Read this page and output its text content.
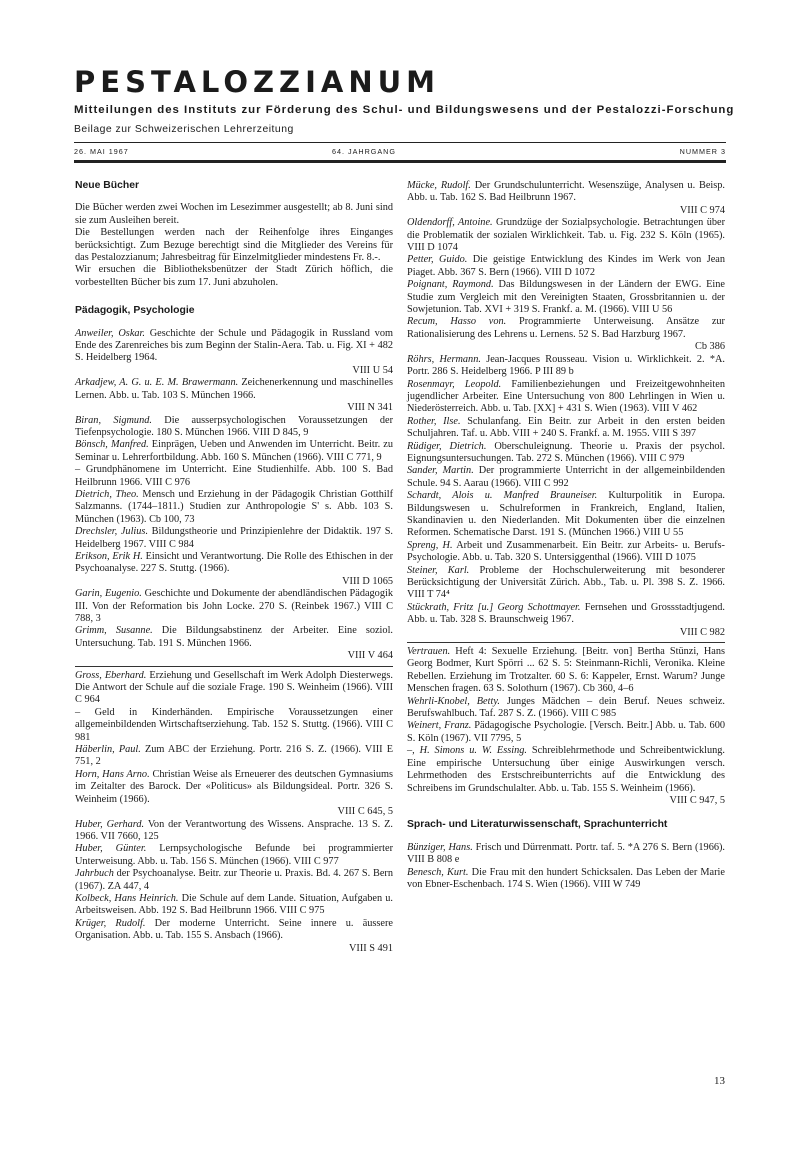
PESTALOZZIANUM
Mitteilungen des Instituts zur Förderung des Schul- und Bildungswesens und der Pestalozzi-Forschung
Beilage zur Schweizerischen Lehrerzeitung
26. MAI 1967	64. JAHRGANG	NUMMER 3
Neue Bücher

Die Bücher werden zwei Wochen im Lesezimmer ausgestellt; ab 8. Juni sind sie zum Ausleihen bereit.

Die Bestellungen werden nach der Reihenfolge ihres Einganges berücksichtigt. Zum Bezuge berechtigt sind die Mitglieder des Vereins für das Pestalozzianum; Jahresbeitrag für Einzelmitglieder mindestens Fr. 8.-.

Wir ersuchen die Bibliotheksbenützer der Stadt Zürich höflich, die vorbestellten Bücher bis zum 17. Juni abzuholen.

Pädagogik, Psychologie
Anweiler, Oskar. Geschichte der Schule und Pädagogik in Russland vom Ende des Zarenreiches bis zum Beginn der Stalin-Aera. Tab. u. Fig. XI + 482 S. Heidelberg 1964.
VIII U 54
Arkadjew, A. G. u. E. M. Brawermann. Zeichenerkennung und maschinelles Lernen. Abb. u. Tab. 103 S. München 1966.
VIII N 341
Biran, Sigmund. Die ausserpsychologischen Voraussetzungen der Tiefenpsychologie. 180 S. München 1966. VIII D 845, 9
Bönsch, Manfred. Einprägen, Ueben und Anwenden im Unterricht. Beitr. zu Seminar u. Lehrerfortbildung. Abb. 160 S. München (1966). VIII C 771, 9
– Grundphänomene im Unterricht. Eine Studienhilfe. Abb. 100 S. Bad Heilbrunn 1966. VIII C 976
Dietrich, Theo. Mensch und Erziehung in der Pädagogik Christian Gotthilf Salzmanns. (1744–1811.) Studien zur Anthropologie S' s. Abb. 103 S. München (1963). Cb 100, 73
Drechsler, Julius. Bildungstheorie und Prinzipienlehre der Didaktik. 197 S. Heidelberg 1967. VIII C 984
Erikson, Erik H. Einsicht und Verantwortung. Die Rolle des Ethischen in der Psychoanalyse. 227 S. Stuttg. (1966).
VIII D 1065
Garin, Eugenio. Geschichte und Dokumente der abendländischen Pädagogik III. Von der Reformation bis John Locke. 270 S. (Reinbek 1967.) VIII C 788, 3
Grimm, Susanne. Die Bildungsabstinenz der Arbeiter. Eine soziol. Untersuchung. Tab. 191 S. München 1966.
VIII V 464
Gross, Eberhard. Erziehung und Gesellschaft im Werk Adolph Diesterwegs. Die Antwort der Schule auf die soziale Frage. 190 S. Weinheim (1966). VIII C 964
– Geld in Kinderhänden. Empirische Voraussetzungen einer allgemeinbildenden Wirtschaftserziehung. Tab. 152 S. Stuttg. (1966). VIII C 981
Häberlin, Paul. Zum ABC der Erziehung. Portr. 216 S. Z. (1966). VIII E 751, 2
Horn, Hans Arno. Christian Weise als Erneuerer des deutschen Gymnasiums im Zeitalter des Barock. Der «Politicus» als Bildungsideal. Portr. 326 S. Weinheim (1966).
VIII C 645, 5
Huber, Gerhard. Von der Verantwortung des Wissens. Ansprache. 13 S. Z. 1966. VII 7660, 125
Huber, Günter. Lernpsychologische Befunde bei programmierter Unterweisung. Abb. u. Tab. 156 S. München (1966). VIII C 977
Jahrbuch der Psychoanalyse. Beitr. zur Theorie u. Praxis. Bd. 4. 267 S. Bern (1967). ZA 447, 4
Kolbeck, Hans Heinrich. Die Schule auf dem Lande. Situation, Aufgaben u. Arbeitsweisen. Abb. 192 S. Bad Heilbrunn 1966. VIII C 975
Krüger, Rudolf. Der moderne Unterricht. Seine innere u. äussere Organisation. Abb. u. Tab. 155 S. Ansbach (1966).
VIII S 491
Mücke, Rudolf. Der Grundschulunterricht. Wesenszüge, Analysen u. Beisp. Abb. u. Tab. 162 S. Bad Heilbrunn 1967.
VIII C 974
Oldendorff, Antoine. Grundzüge der Sozialpsychologie. Betrachtungen über die Problematik der sozialen Wirklichkeit. Tab. u. Fig. 232 S. Köln (1965). VIII D 1074
Petter, Guido. Die geistige Entwicklung des Kindes im Werk von Jean Piaget. Abb. 367 S. Bern (1966). VIII D 1072
Poignant, Raymond. Das Bildungswesen in der Ländern der EWG. Eine Studie zum Vergleich mit den Vereinigten Staaten, Grossbritannien u. der Sowjetunion. Tab. XVI + 319 S. Frankf. a. M. (1966). VIII U 56
Recum, Hasso von. Programmierte Unterweisung. Ansätze zur Rationalisierung des Lehrens u. Lernens. 52 S. Bad Harzburg 1967.
Cb 386
Röhrs, Hermann. Jean-Jacques Rousseau. Vision u. Wirklichkeit. 2. *A. Portr. 286 S. Heidelberg 1966. P III 89 b
Rosenmayr, Leopold. Familienbeziehungen und Freizeitgewohnheiten jugendlicher Arbeiter. Eine Untersuchung von 800 Lehrlingen in Wien u. Niederösterreich. Abb. u. Tab. [XX] + 431 S. Wien (1963). VIII V 462
Rother, Ilse. Schulanfang. Ein Beitr. zur Arbeit in den ersten beiden Schuljahren. Taf. u. Abb. VIII + 240 S. Frankf. a. M. 1955. VIII S 397
Rüdiger, Dietrich. Oberschuleignung. Theorie u. Praxis der psychol. Eignungsuntersuchungen. Tab. 272 S. München (1966). VIII C 979
Sander, Martin. Der programmierte Unterricht in der allgemeinbildenden Schule. 94 S. Aarau (1966). VIII C 992
Schardt, Alois u. Manfred Brauneiser. Kulturpolitik in Europa. Bildungswesen u. Schulreformen in Frankreich, England, Italien, Skandinavien u. den Niederlanden. Mit Dokumenten über die einzelnen Reformen. Schematische Darst. 191 S. (München 1966.) VIII U 55
Spreng, H. Arbeit und Zusammenarbeit. Ein Beitr. zur Arbeits- u. Berufs-Psychologie. Abb. u. Tab. 320 S. Untersiggenthal (1966). VIII D 1075
Steiner, Karl. Probleme der Hochschulerweiterung mit besonderer Berücksichtigung der Universität Zürich. Abb., Tab. u. Pl. 398 S. Z. 1966. VIII T 74⁴
Stückrath, Fritz [u.] Georg Schottmayer. Fernsehen und Grossstadtjugend. Abb. u. Tab. 328 S. Braunschweig 1967.
VIII C 982
Vertrauen. Heft 4: Sexuelle Erziehung. [Beitr. von] Bertha Stünzi, Hans Georg Bodmer, Kurt Spörri ... 62 S. 5: Steinmann-Richli, Veronika. Kleine Rebellen. Erziehung im Trotzalter. 60 S. 6: Kappeler, Ernst. Warum? Junge Menschen fragen. 63 S. Solothurn (1967). Cb 360, 4–6
Wehrli-Knobel, Betty. Junges Mädchen – dein Beruf. Neues schweiz. Berufswahlbuch. Taf. 287 S. Z. (1966). VIII C 985
Weinert, Franz. Pädagogische Psychologie. [Versch. Beitr.] Abb. u. Tab. 600 S. Köln (1967). VII 7795, 5
–, H. Simons u. W. Essing. Schreiblehrmethode und Schreibentwicklung. Eine empirische Untersuchung über einige Auswirkungen versch. Lehrmethoden des Erstschreibunterrichts auf die Entwicklung des Schreibens im Grundschulalter. Abb. u. Tab. 155 S. Weinheim (1966).
VIII C 947, 5
Sprach- und Literaturwissenschaft, Sprachunterricht
Bünziger, Hans. Frisch und Dürrenmatt. Portr. taf. 5. *A 276 S. Bern (1966). VIII B 808 e
Benesch, Kurt. Die Frau mit den hundert Schicksalen. Das Leben der Marie von Ebner-Eschenbach. 174 S. Wien (1966). VIII W 749
13
